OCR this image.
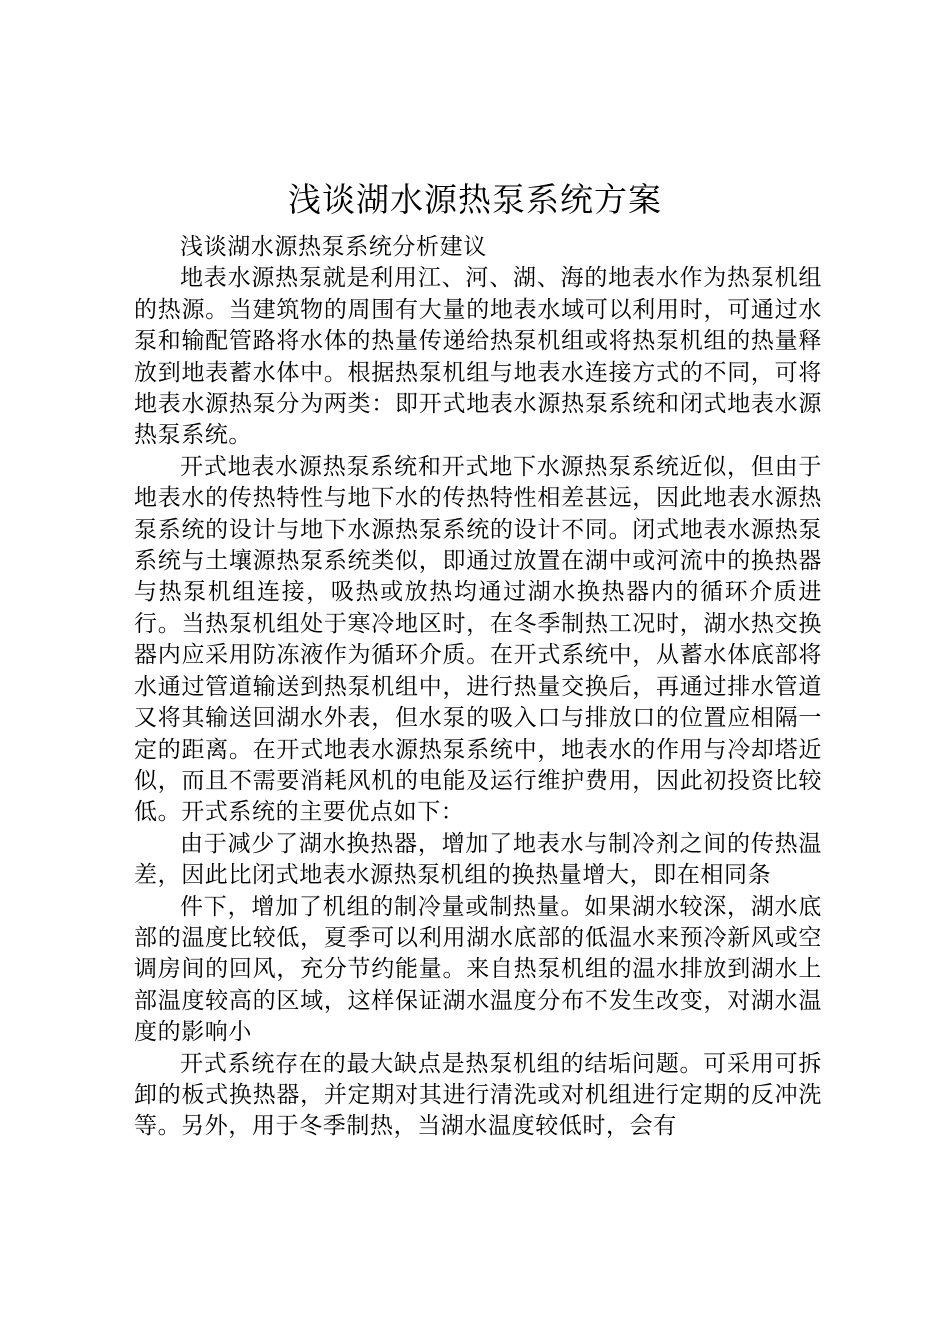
浅谈湖水源热泵系统方案

浅谈湖水源热泵系统分析建议

地表水源热泵就是利用江、河、湖、海的地表水作为热泵机组的热源。当建筑物的周围有大量的地表水域可以利用时，可通过水泵和输配管路将水体的热量传递给热泵机组或将热泵机组的热量释放到地表蓄水体中。根据热泵机组与地表水连接方式的不同，可将地表水源热泵分为两类：即开式地表水源热泵系统和闭式地表水源热泵系统。

开式地表水源热泵系统和开式地下水源热泵系统近似，但由于地表水的传热特性与地下水的传热特性相差甚远，因此地表水源热泵系统的设计与地下水源热泵系统的设计不同。闭式地表水源热泵系统与土壤源热泵系统类似，即通过放置在湖中或河流中的换热器与热泵机组连接，吸热或放热均通过湖水换热器内的循环介质进行。当热泵机组处于寒冷地区时，在冬季制热工况时，湖水热交换器内应采用防冻液作为循环介质。在开式系统中，从蓄水体底部将水通过管道输送到热泵机组中，进行热量交换后，再通过排水管道又将其输送回湖水外表，但水泵的吸入口与排放口的位置应相隔一定的距离。在开式地表水源热泵系统中，地表水的作用与冷却塔近似，而且不需要消耗风机的电能及运行维护费用，因此初投资比较低。开式系统的主要优点如下：

由于减少了湖水换热器，增加了地表水与制冷剂之间的传热温差，因此比闭式地表水源热泵机组的换热量增大，即在相同条

件下，增加了机组的制冷量或制热量。如果湖水较深，湖水底部的温度比较低，夏季可以利用湖水底部的低温水来预冷新风或空调房间的回风，充分节约能量。来自热泵机组的温水排放到湖水上部温度较高的区域，这样保证湖水温度分布不发生改变，对湖水温度的影响小

开式系统存在的最大缺点是热泵机组的结垢问题。可采用可拆卸的板式换热器，并定期对其进行清洗或对机组进行定期的反冲洗等。另外，用于冬季制热，当湖水温度较低时，会有
